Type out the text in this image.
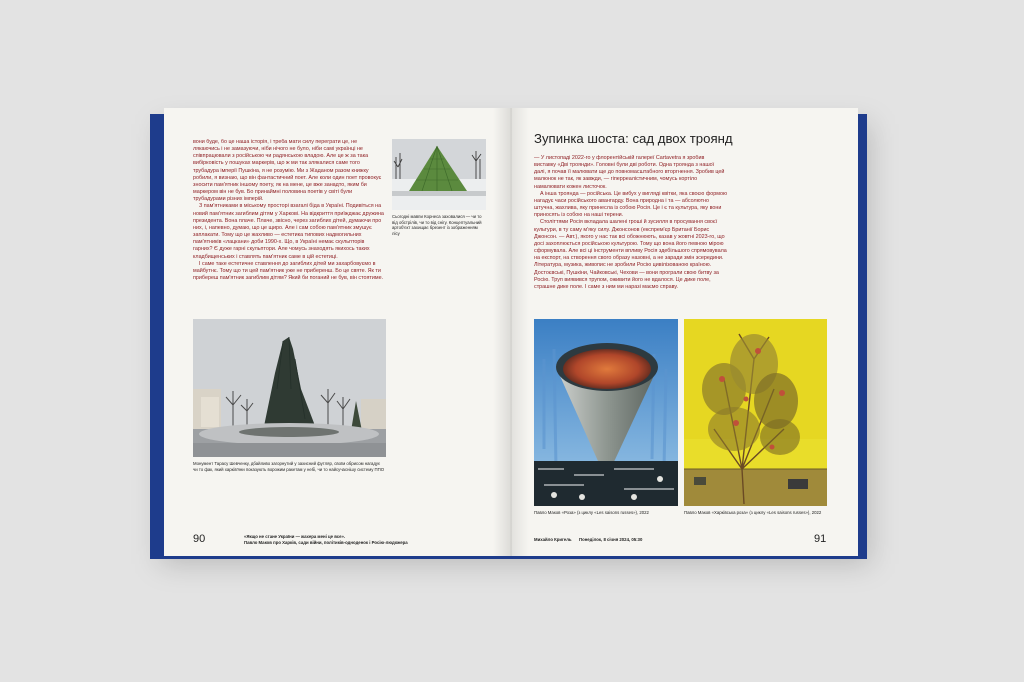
вони буде, бо це наша історія, і треба мати силу переграти це, не лякаючись і не замазуючи, ніби нічого не було, ніби самі українці не співпрацювали з російською чи радянською владою. Але це ж за така вибірковість у пошуках маркерів, що ж ми так злякалися саме того трубадура імперії Пушкіна, я не розумію. Ми з Жаданом разом книжку робили, я визнаю, що він фантастичний поет. Але коли один поет провокує зносити пам'ятник іншому поету, як на мене, це вже занадто, яким би маркером він не був. Бо принаймні половина поетів у світі були трубадурами різних імперій.

З пам'ятниками в міському просторі взагалі біда в Україні. Подивіться на новий пам'ятник загиблим дітям у Харкові. На відкриття приїжджає дружина президента. Вона плаче. Плаче, звісно, через загиблих дітей, думаючи про них, і, напевно, думаю, що це щиро. Але і сам собою пам'ятник змушує заплакати. Тому що це жахливо — естетика типових надмогильних пам'ятників «лацкани» доби 1990-х. Що, в Україні немає скульпторів гарних? Є дуже гарні скульптори. Але чомусь знаходять якихось таких кладбищенських і ставлять пам'ятник саме в цій естетиці.

І саме таке естетичне ставлення до загиблих дітей ми захарбовуємо в майбутнє. Тому що ти цей пам'ятник уже не приберенш. Бо це святе. Як ти прибереш пам'ятник загиблим дітям? Який би поганий не був, він стоятиме.

Сьогодні мавпи Корнеса заховалися — чи то від обстрілів, чи то від снігу. Концептуальний артоб'єкт захищає брезент із зображенням лісу
Монумент Тарасу Шевченку, дбайливо загорнутий у захисний футляр, своїм обрисом нагадує чи то фак, який харків'яни показують ворожим ракетам у небі, чи то найсучаснішу систему ППО
90	«Якщо не стане України — жахера мені це все».
Павло Маков про Харків, сади війни, політиків-одноденок і Росію-людожера
Зупинка шоста: сад двох троянд

— У листопаді 2022-го у флорентійській галереї Cartavetra я зробив виставку «Дві троянди». Головні були дві роботи. Одна троянда з нашої далі, я почав її малювати ще до повномасштабного вторгнення. Зробив цей малюнок не так, як завжди, — гіперреалістичним, чомусь кортіло намалювати кожен листочок.

А інша троянда — російська. Це вибух у вигляді квітки, яка своєю формою нагадує часи російського авангарду. Вона природна і та — абсолютно штучна, жахлива, яку принесла із собою Росія. Це і є та культура, яку вони приносять із собою на наші терени.

Століттями Росія вкладала шалені гроші й зусилля в просування своєї культури, в ту саму м'яку силу. Джонсонов (експрем'єр Британії Борис Джонсон. — Авт.), якого у нас так всі обожнюють, казав у жовтні 2023-го, що досі захоплюється російською культурою. Тому що вона його певною мірою сформувала. Але всі ці інструменти впливу Росія здебільшого спрямовувала на експорт, на створення свого образу назовні, а не заради змін зсередини. Література, музика, живопис не зробили Росію цивілізованою країною. Достоєвські, Пушкіни, Чайковські, Чехови — вони програли свою битву за Росію. Труп виявився трупом, оживити його не вдалося. Це дике поле, страшне дике поле. І саме з ним ми наразі маємо справу.

Павло Маков «Роза» (з циклу «Les saisons russes»), 2022	Павло Маков «Харківська роза» (з циклу «Les saisons russes»), 2022
Михайло Кригель Понеділок, 8 січня 2024, 05:30	91
